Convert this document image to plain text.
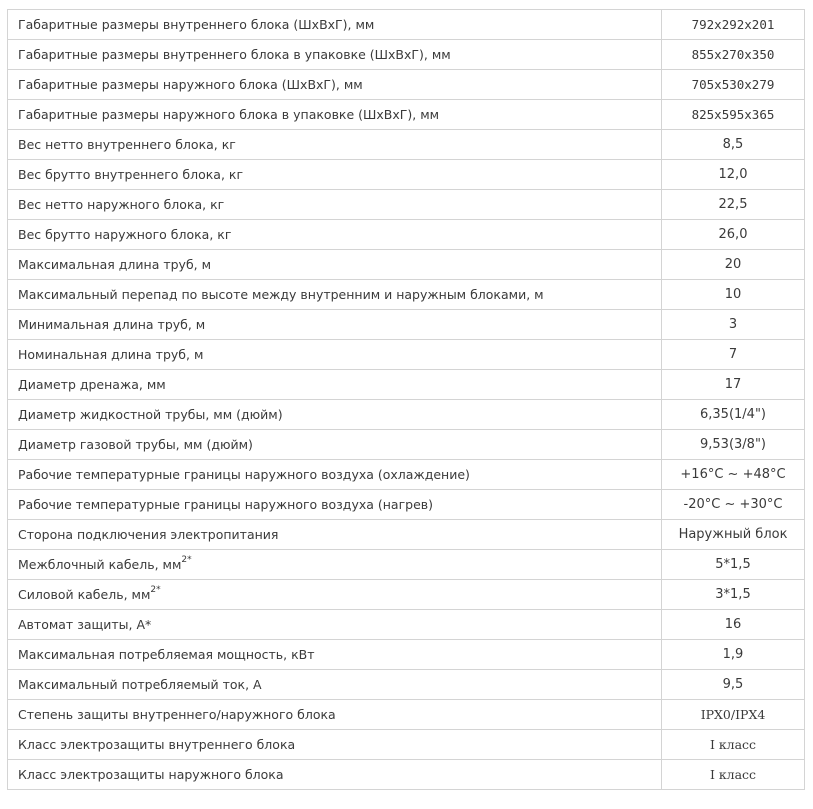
Габаритные размеры внутреннего блока (ШхВхГ), мм	792x292x201
Габаритные размеры внутреннего блока в упаковке (ШхВхГ), мм	855x270x350
Габаритные размеры наружного блока (ШхВхГ), мм	705x530x279
Габаритные размеры наружного блока в упаковке (ШхВхГ), мм	825x595x365
Вес нетто внутреннего блока, кг	8,5
Вес брутто внутреннего блока, кг	12,0
Вес нетто наружного блока, кг	22,5
Вес брутто наружного блока, кг	26,0
Максимальная длина труб, м	20
Максимальный перепад по высоте между внутренним и наружным блоками, м	10
Минимальная длина труб, м	3
Номинальная длина труб, м	7
Диаметр дренажа, мм	17
Диаметр жидкостной трубы, мм (дюйм)	6,35(1/4")
Диаметр газовой трубы, мм (дюйм)	9,53(3/8")
Рабочие температурные границы наружного воздуха (охлаждение)	+16°C ~ +48°C
Рабочие температурные границы наружного воздуха (нагрев)	-20°C ~ +30°C
Сторона подключения электропитания	Наружный блок
Межблочный кабель, $мм^{2*}$	5*1,5
Силовой кабель, $мм^{2*}$	3*1,5
Автомат защиты, А*	16
Максимальная потребляемая мощность, кВт	1,9
Максимальный потребляемый ток, А	9,5
Степень защиты внутреннего/наружного блока	IPX0/IPX4
Класс электрозащиты внутреннего блока	I класс
Класс электрозащиты наружного блока	I класс
